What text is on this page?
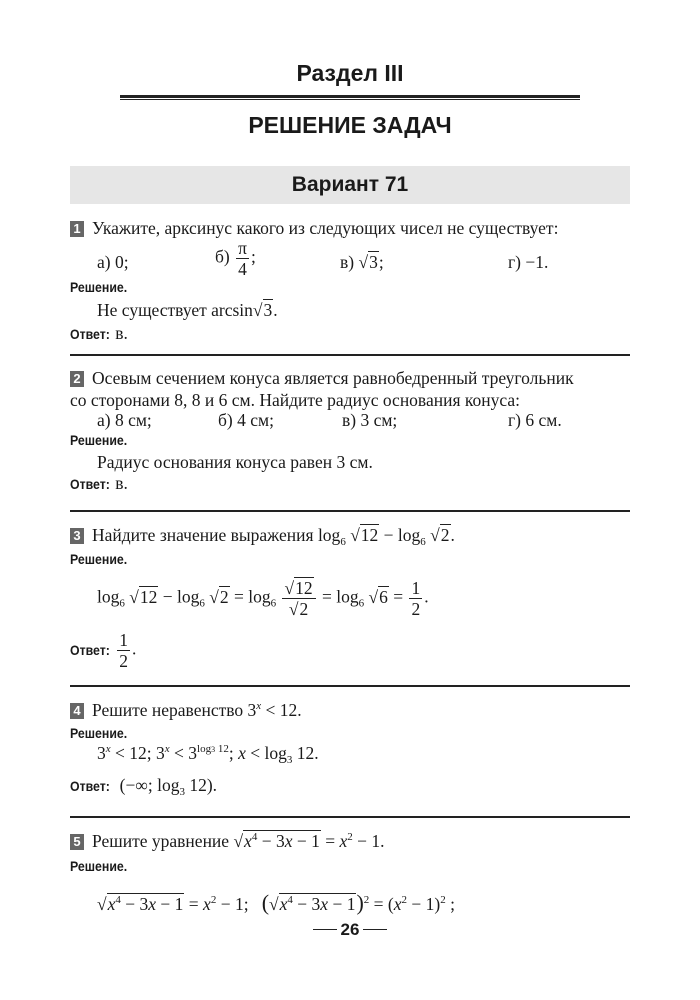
Раздел III
РЕШЕНИЕ ЗАДАЧ
Вариант 71
1 Укажите, арксинус какого из следующих чисел не существует:
а) 0;	$б) \frac{\pi}{4}$ ;	в) √3;	г) −1.
Решение.
Не существует arcsin√3.
Ответ: в.
2 Осевым сечением конуса является равнобедренный треугольник
со сторонами 8, 8 и 6 см. Найдите радиус основания конуса:
а) 8 см;	б) 4 см;	в) 3 см;	г) 6 см.
Решение.
Радиус основания конуса равен 3 см.
Ответ: в.
3 Найдите значение выражения $\log_6 √12 - \log_6 √2$.
Решение.
$\log_6 √12 - \log_6 √2 = \log_6 \frac{√12}{√2} = \log_6 √6 = \frac{1}{2}$ .
Ответ: $\frac{1}{2}$ .
4 Решите неравенство $3^x < 12$.
Решение.
$3^x < 12$; $3^x < 3^{log3 12}$; $x < \log_3 12$.
Ответ: (−∞; $\log_3 12$).
5 Решите уравнение $√x^4 - 3x - 1 = x^2 - 1$.
Решение.
$√x^4 - 3x - 1 = x^2 - 1$; $(√x^4 - 3x - 1)^2 = (x^2 - 1)^2$ ;
26
